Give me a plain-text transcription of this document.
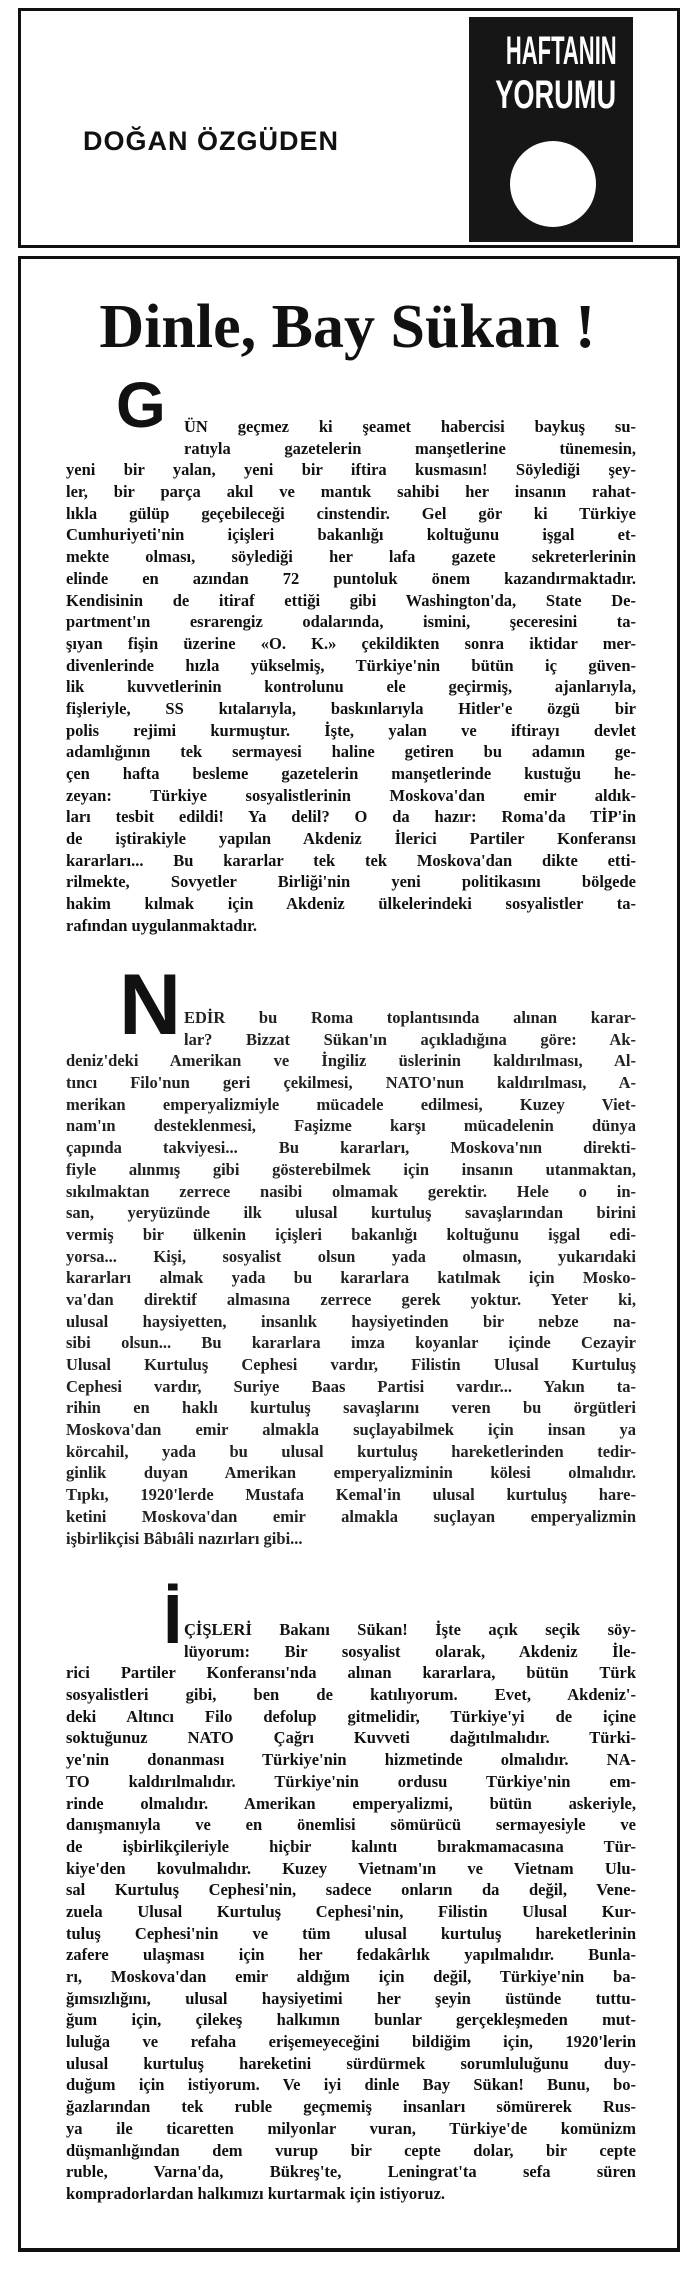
DOĞAN ÖZGÜDEN
HAFTANIN
YORUMU
Dinle, Bay Sükan !
G	ÜN geçmez ki şeamet habercisi baykuş su-
ratıyla gazetelerin manşetlerine tünemesin,
yeni bir yalan, yeni bir iftira kusmasın! Söylediği şey-
ler, bir parça akıl ve mantık sahibi her insanın rahat-
lıkla gülüp geçebileceği cinstendir. Gel gör ki Türkiye
Cumhuriyeti'nin içişleri bakanlığı koltuğunu işgal et-
mekte olması, söylediği her lafa gazete sekreterlerinin
elinde en azından 72 puntoluk önem kazandırmaktadır.
Kendisinin de itiraf ettiği gibi Washington'da, State De-
partment'ın esrarengiz odalarında, ismini, şeceresini ta-
şıyan fişin üzerine «O. K.» çekildikten sonra iktidar mer-
divenlerinde hızla yükselmiş, Türkiye'nin bütün iç güven-
lik kuvvetlerinin kontrolunu ele geçirmiş, ajanlarıyla,
fişleriyle, SS kıtalarıyla, baskınlarıyla Hitler'e özgü bir
polis rejimi kurmuştur. İşte, yalan ve iftirayı devlet
adamlığının tek sermayesi haline getiren bu adamın ge-
çen hafta besleme gazetelerin manşetlerinde kustuğu he-
zeyan: Türkiye sosyalistlerinin Moskova'dan emir aldık-
ları tesbit edildi! Ya delil? O da hazır: Roma'da TİP'in
de iştirakiyle yapılan Akdeniz İlerici Partiler Konferansı
kararları... Bu kararlar tek tek Moskova'dan dikte etti-
rilmekte, Sovyetler Birliği'nin yeni politikasını bölgede
hakim kılmak için Akdeniz ülkelerindeki sosyalistler ta-
rafından uygulanmaktadır.
N EDİR bu Roma toplantısında alınan karar-
lar? Bizzat Sükan'ın açıkladığına göre: Ak-
deniz'deki Amerikan ve İngiliz üslerinin kaldırılması, Al-
tıncı Filo'nun geri çekilmesi, NATO'nun kaldırılması, A-
merikan emperyalizmiyle mücadele edilmesi, Kuzey Viet-
nam'ın desteklenmesi, Faşizme karşı mücadelenin dünya
çapında takviyesi... Bu kararları, Moskova'nın direkti-
fiyle alınmış gibi gösterebilmek için insanın utanmaktan,
sıkılmaktan zerrece nasibi olmamak gerektir. Hele o in-
san, yeryüzünde ilk ulusal kurtuluş savaşlarından birini
vermiş bir ülkenin içişleri bakanlığı koltuğunu işgal edi-
yorsa... Kişi, sosyalist olsun yada olmasın, yukarıdaki
kararları almak yada bu kararlara katılmak için Mosko-
va'dan direktif almasına zerrece gerek yoktur. Yeter ki,
ulusal haysiyetten, insanlık haysiyetinden bir nebze na-
sibi olsun... Bu kararlara imza koyanlar içinde Cezayir
Ulusal Kurtuluş Cephesi vardır, Filistin Ulusal Kurtuluş
Cephesi vardır, Suriye Baas Partisi vardır... Yakın ta-
rihin en haklı kurtuluş savaşlarını veren bu örgütleri
Moskova'dan emir almakla suçlayabilmek için insan ya
körcahil, yada bu ulusal kurtuluş hareketlerinden tedir-
ginlik duyan Amerikan emperyalizminin kölesi olmalıdır.
Tıpkı, 1920'lerde Mustafa Kemal'in ulusal kurtuluş hare-
ketini Moskova'dan emir almakla suçlayan emperyalizmin
işbirlikçisi Bâbıâli nazırları gibi...
İ ÇİŞLERİ Bakanı Sükan! İşte açık seçik söy-
lüyorum: Bir sosyalist olarak, Akdeniz İle-
rici Partiler Konferansı'nda alınan kararlara, bütün Türk
sosyalistleri gibi, ben de katılıyorum. Evet, Akdeniz'-
deki Altıncı Filo defolup gitmelidir, Türkiye'yi de içine
soktuğunuz NATO Çağrı Kuvveti dağıtılmalıdır. Türki-
ye'nin donanması Türkiye'nin hizmetinde olmalıdır. NA-
TO kaldırılmalıdır. Türkiye'nin ordusu Türkiye'nin em-
rinde olmalıdır. Amerikan emperyalizmi, bütün askeriyle,
danışmanıyla ve en önemlisi sömürücü sermayesiyle ve
de işbirlikçileriyle hiçbir kalıntı bırakmamacasına Tür-
kiye'den kovulmalıdır. Kuzey Vietnam'ın ve Vietnam Ulu-
sal Kurtuluş Cephesi'nin, sadece onların da değil, Vene-
zuela Ulusal Kurtuluş Cephesi'nin, Filistin Ulusal Kur-
tuluş Cephesi'nin ve tüm ulusal kurtuluş hareketlerinin
zafere ulaşması için her fedakârlık yapılmalıdır. Bunla-
rı, Moskova'dan emir aldığım için değil, Türkiye'nin ba-
ğımsızlığını, ulusal haysiyetimi her şeyin üstünde tuttu-
ğum için, çilekeş halkımın bunlar gerçekleşmeden mut-
luluğa ve refaha erişemeyeceğini bildiğim için, 1920'lerin
ulusal kurtuluş hareketini sürdürmek sorumluluğunu duy-
duğum için istiyorum. Ve iyi dinle Bay Sükan! Bunu, bo-
ğazlarından tek ruble geçmemiş insanları sömürerek Rus-
ya ile ticaretten milyonlar vuran, Türkiye'de komünizm
düşmanlığından dem vurup bir cepte dolar, bir cepte
ruble, Varna'da, Bükreş'te, Leningrat'ta sefa süren
kompradorlardan halkımızı kurtarmak için istiyoruz.
